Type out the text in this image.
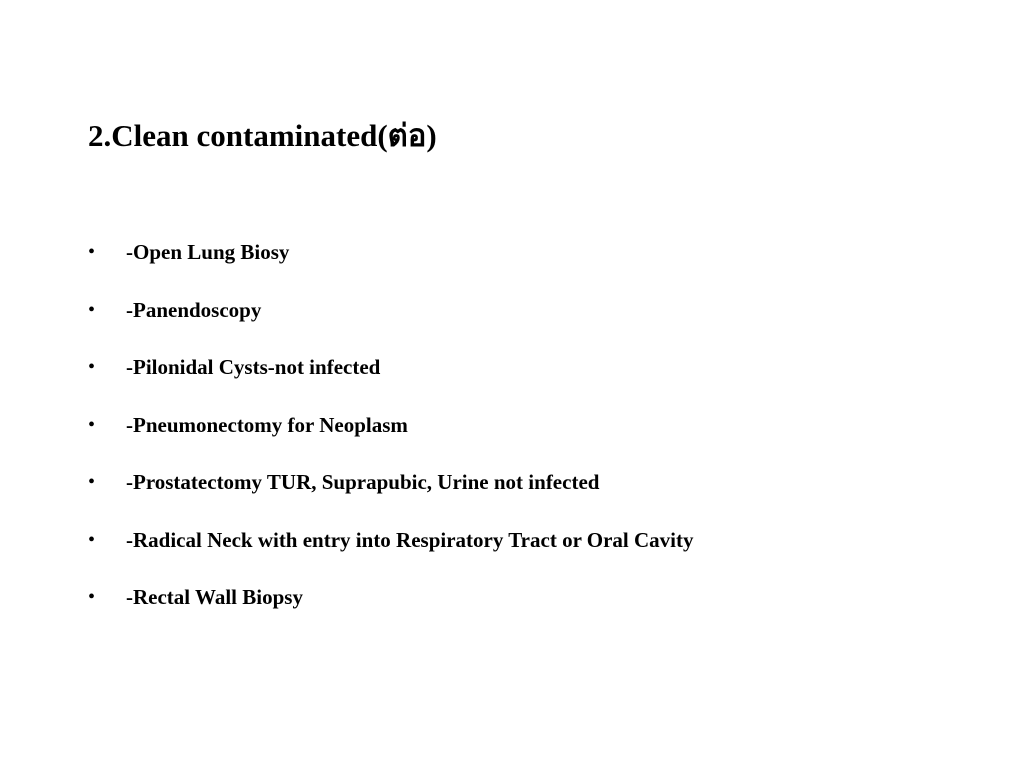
2.Clean contaminated(ต่อ)
• -Open Lung Biosy
• -Panendoscopy
• -Pilonidal Cysts-not infected
• -Pneumonectomy for Neoplasm
• -Prostatectomy TUR, Suprapubic, Urine not infected
• -Radical Neck with entry into Respiratory Tract or Oral Cavity
• -Rectal Wall Biopsy
